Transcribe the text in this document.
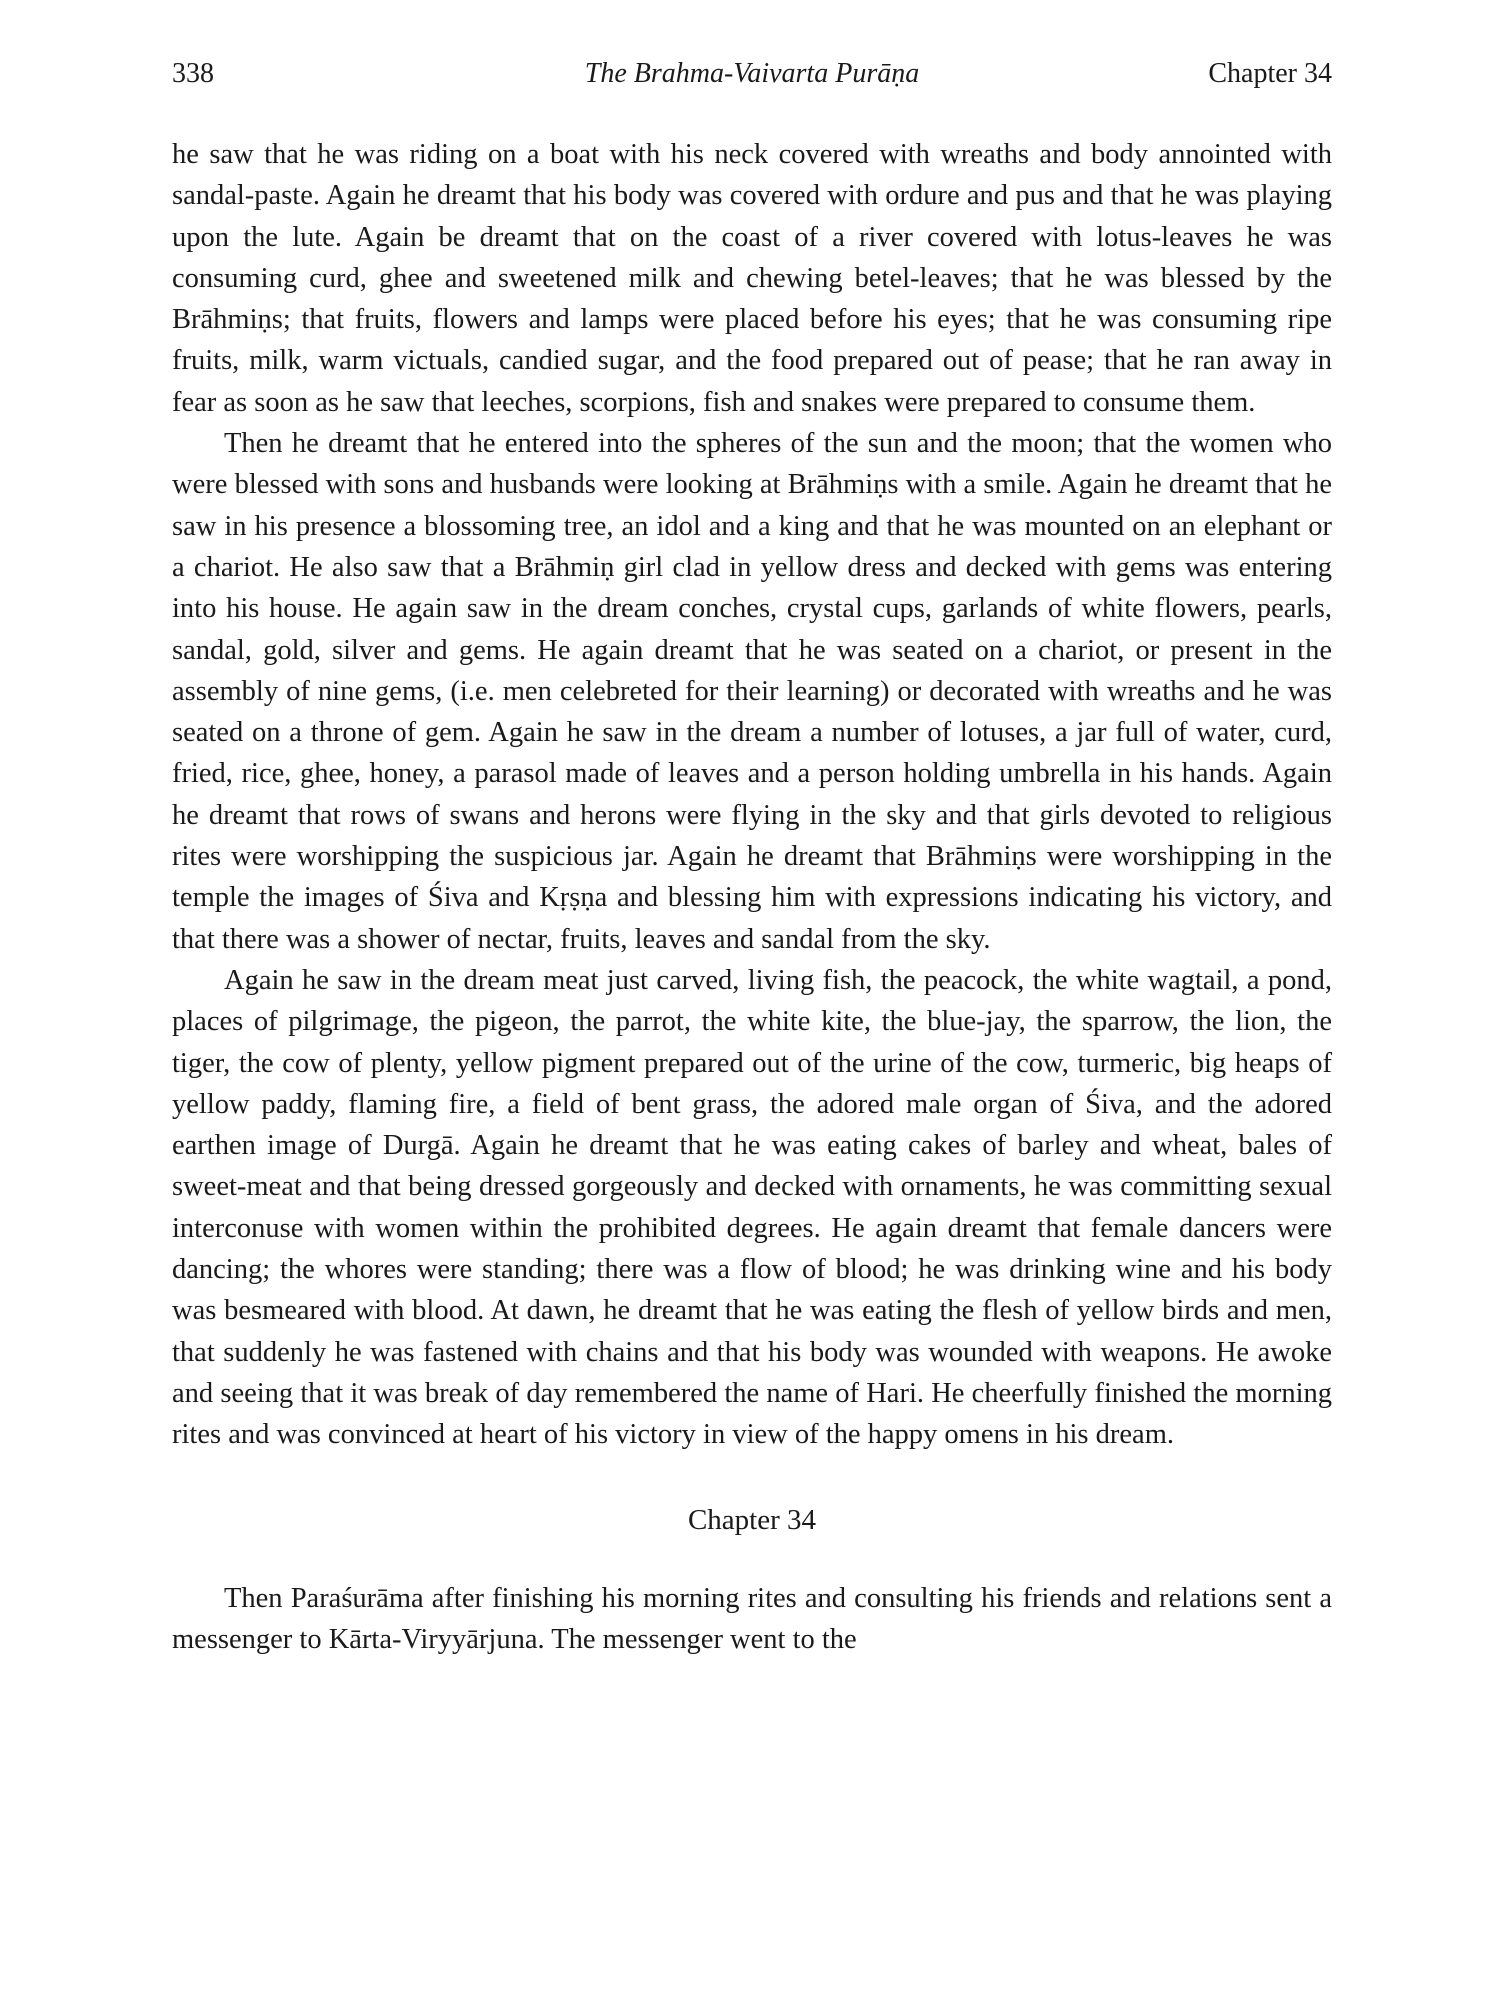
338	The Brahma-Vaivarta Purāṇa	Chapter 34

he saw that he was riding on a boat with his neck covered with wreaths and body annointed with sandal-paste. Again he dreamt that his body was covered with ordure and pus and that he was playing upon the lute. Again be dreamt that on the coast of a river covered with lotus-leaves he was consuming curd, ghee and sweetened milk and chewing betel-leaves; that he was blessed by the Brāhmiṇs; that fruits, flowers and lamps were placed before his eyes; that he was consuming ripe fruits, milk, warm victuals, candied sugar, and the food prepared out of pease; that he ran away in fear as soon as he saw that leeches, scorpions, fish and snakes were prepared to consume them.

Then he dreamt that he entered into the spheres of the sun and the moon; that the women who were blessed with sons and husbands were looking at Brāhmiṇs with a smile. Again he dreamt that he saw in his presence a blossoming tree, an idol and a king and that he was mounted on an elephant or a chariot. He also saw that a Brāhmiṇ girl clad in yellow dress and decked with gems was entering into his house. He again saw in the dream conches, crystal cups, garlands of white flowers, pearls, sandal, gold, silver and gems. He again dreamt that he was seated on a chariot, or present in the assembly of nine gems, (i.e. men celebreted for their learning) or decorated with wreaths and he was seated on a throne of gem. Again he saw in the dream a number of lotuses, a jar full of water, curd, fried, rice, ghee, honey, a parasol made of leaves and a person holding umbrella in his hands. Again he dreamt that rows of swans and herons were flying in the sky and that girls devoted to religious rites were worshipping the suspicious jar. Again he dreamt that Brāhmiṇs were worshipping in the temple the images of Śiva and Kṛṣṇa and blessing him with expressions indicating his victory, and that there was a shower of nectar, fruits, leaves and sandal from the sky.

Again he saw in the dream meat just carved, living fish, the peacock, the white wagtail, a pond, places of pilgrimage, the pigeon, the parrot, the white kite, the blue-jay, the sparrow, the lion, the tiger, the cow of plenty, yellow pigment prepared out of the urine of the cow, turmeric, big heaps of yellow paddy, flaming fire, a field of bent grass, the adored male organ of Śiva, and the adored earthen image of Durgā. Again he dreamt that he was eating cakes of barley and wheat, bales of sweet-meat and that being dressed gorgeously and decked with ornaments, he was committing sexual interconuse with women within the prohibited degrees. He again dreamt that female dancers were dancing; the whores were standing; there was a flow of blood; he was drinking wine and his body was besmeared with blood. At dawn, he dreamt that he was eating the flesh of yellow birds and men, that suddenly he was fastened with chains and that his body was wounded with weapons. He awoke and seeing that it was break of day remembered the name of Hari. He cheerfully finished the morning rites and was convinced at heart of his victory in view of the happy omens in his dream.

Chapter 34

Then Paraśurāma after finishing his morning rites and consulting his friends and relations sent a messenger to Kārta-Viryyārjuna. The messenger went to the
